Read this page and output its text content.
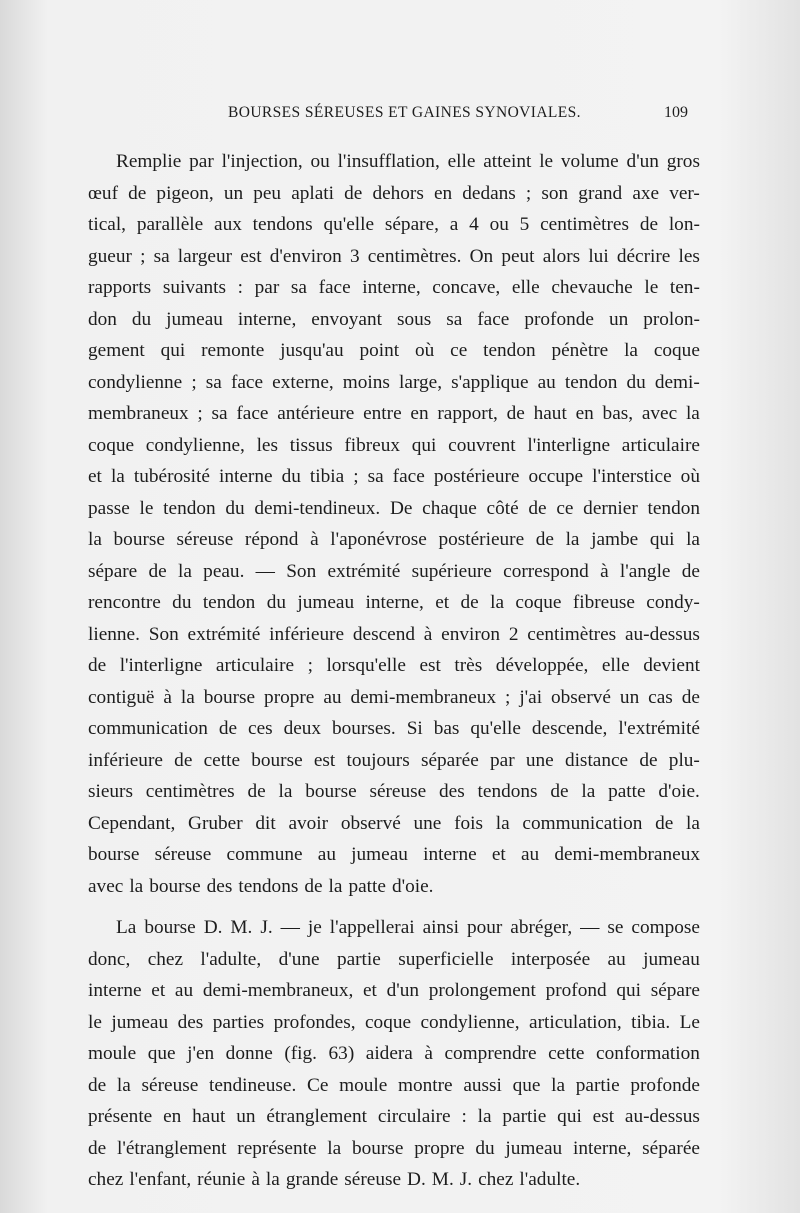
BOURSES SÉREUSES ET GAINES SYNOVIALES.	109
Remplie par l'injection, ou l'insufflation, elle atteint le volume d'un gros
œuf de pigeon, un peu aplati de dehors en dedans ; son grand axe ver-
tical, parallèle aux tendons qu'elle sépare, a 4 ou 5 centimètres de lon-
gueur ; sa largeur est d'environ 3 centimètres. On peut alors lui décrire les
rapports suivants : par sa face interne, concave, elle chevauche le ten-
don du jumeau interne, envoyant sous sa face profonde un prolon-
gement qui remonte jusqu'au point où ce tendon pénètre la coque
condylienne ; sa face externe, moins large, s'applique au tendon du demi-
membraneux ; sa face antérieure entre en rapport, de haut en bas, avec la
coque condylienne, les tissus fibreux qui couvrent l'interligne articulaire
et la tubérosité interne du tibia ; sa face postérieure occupe l'interstice où
passe le tendon du demi-tendineux. De chaque côté de ce dernier tendon
la bourse séreuse répond à l'aponévrose postérieure de la jambe qui la
sépare de la peau. — Son extrémité supérieure correspond à l'angle de
rencontre du tendon du jumeau interne, et de la coque fibreuse condy-
lienne. Son extrémité inférieure descend à environ 2 centimètres au-dessus
de l'interligne articulaire ; lorsqu'elle est très développée, elle devient
contiguë à la bourse propre au demi-membraneux ; j'ai observé un cas de
communication de ces deux bourses. Si bas qu'elle descende, l'extrémité
inférieure de cette bourse est toujours séparée par une distance de plu-
sieurs centimètres de la bourse séreuse des tendons de la patte d'oie.
Cependant, Gruber dit avoir observé une fois la communication de la
bourse séreuse commune au jumeau interne et au demi-membraneux
avec la bourse des tendons de la patte d'oie.
La bourse D. M. J. — je l'appellerai ainsi pour abréger, — se compose
donc, chez l'adulte, d'une partie superficielle interposée au jumeau
interne et au demi-membraneux, et d'un prolongement profond qui sépare
le jumeau des parties profondes, coque condylienne, articulation, tibia. Le
moule que j'en donne (fig. 63) aidera à comprendre cette conformation
de la séreuse tendineuse. Ce moule montre aussi que la partie profonde
présente en haut un étranglement circulaire : la partie qui est au-dessus
de l'étranglement représente la bourse propre du jumeau interne, séparée
chez l'enfant, réunie à la grande séreuse D. M. J. chez l'adulte.
